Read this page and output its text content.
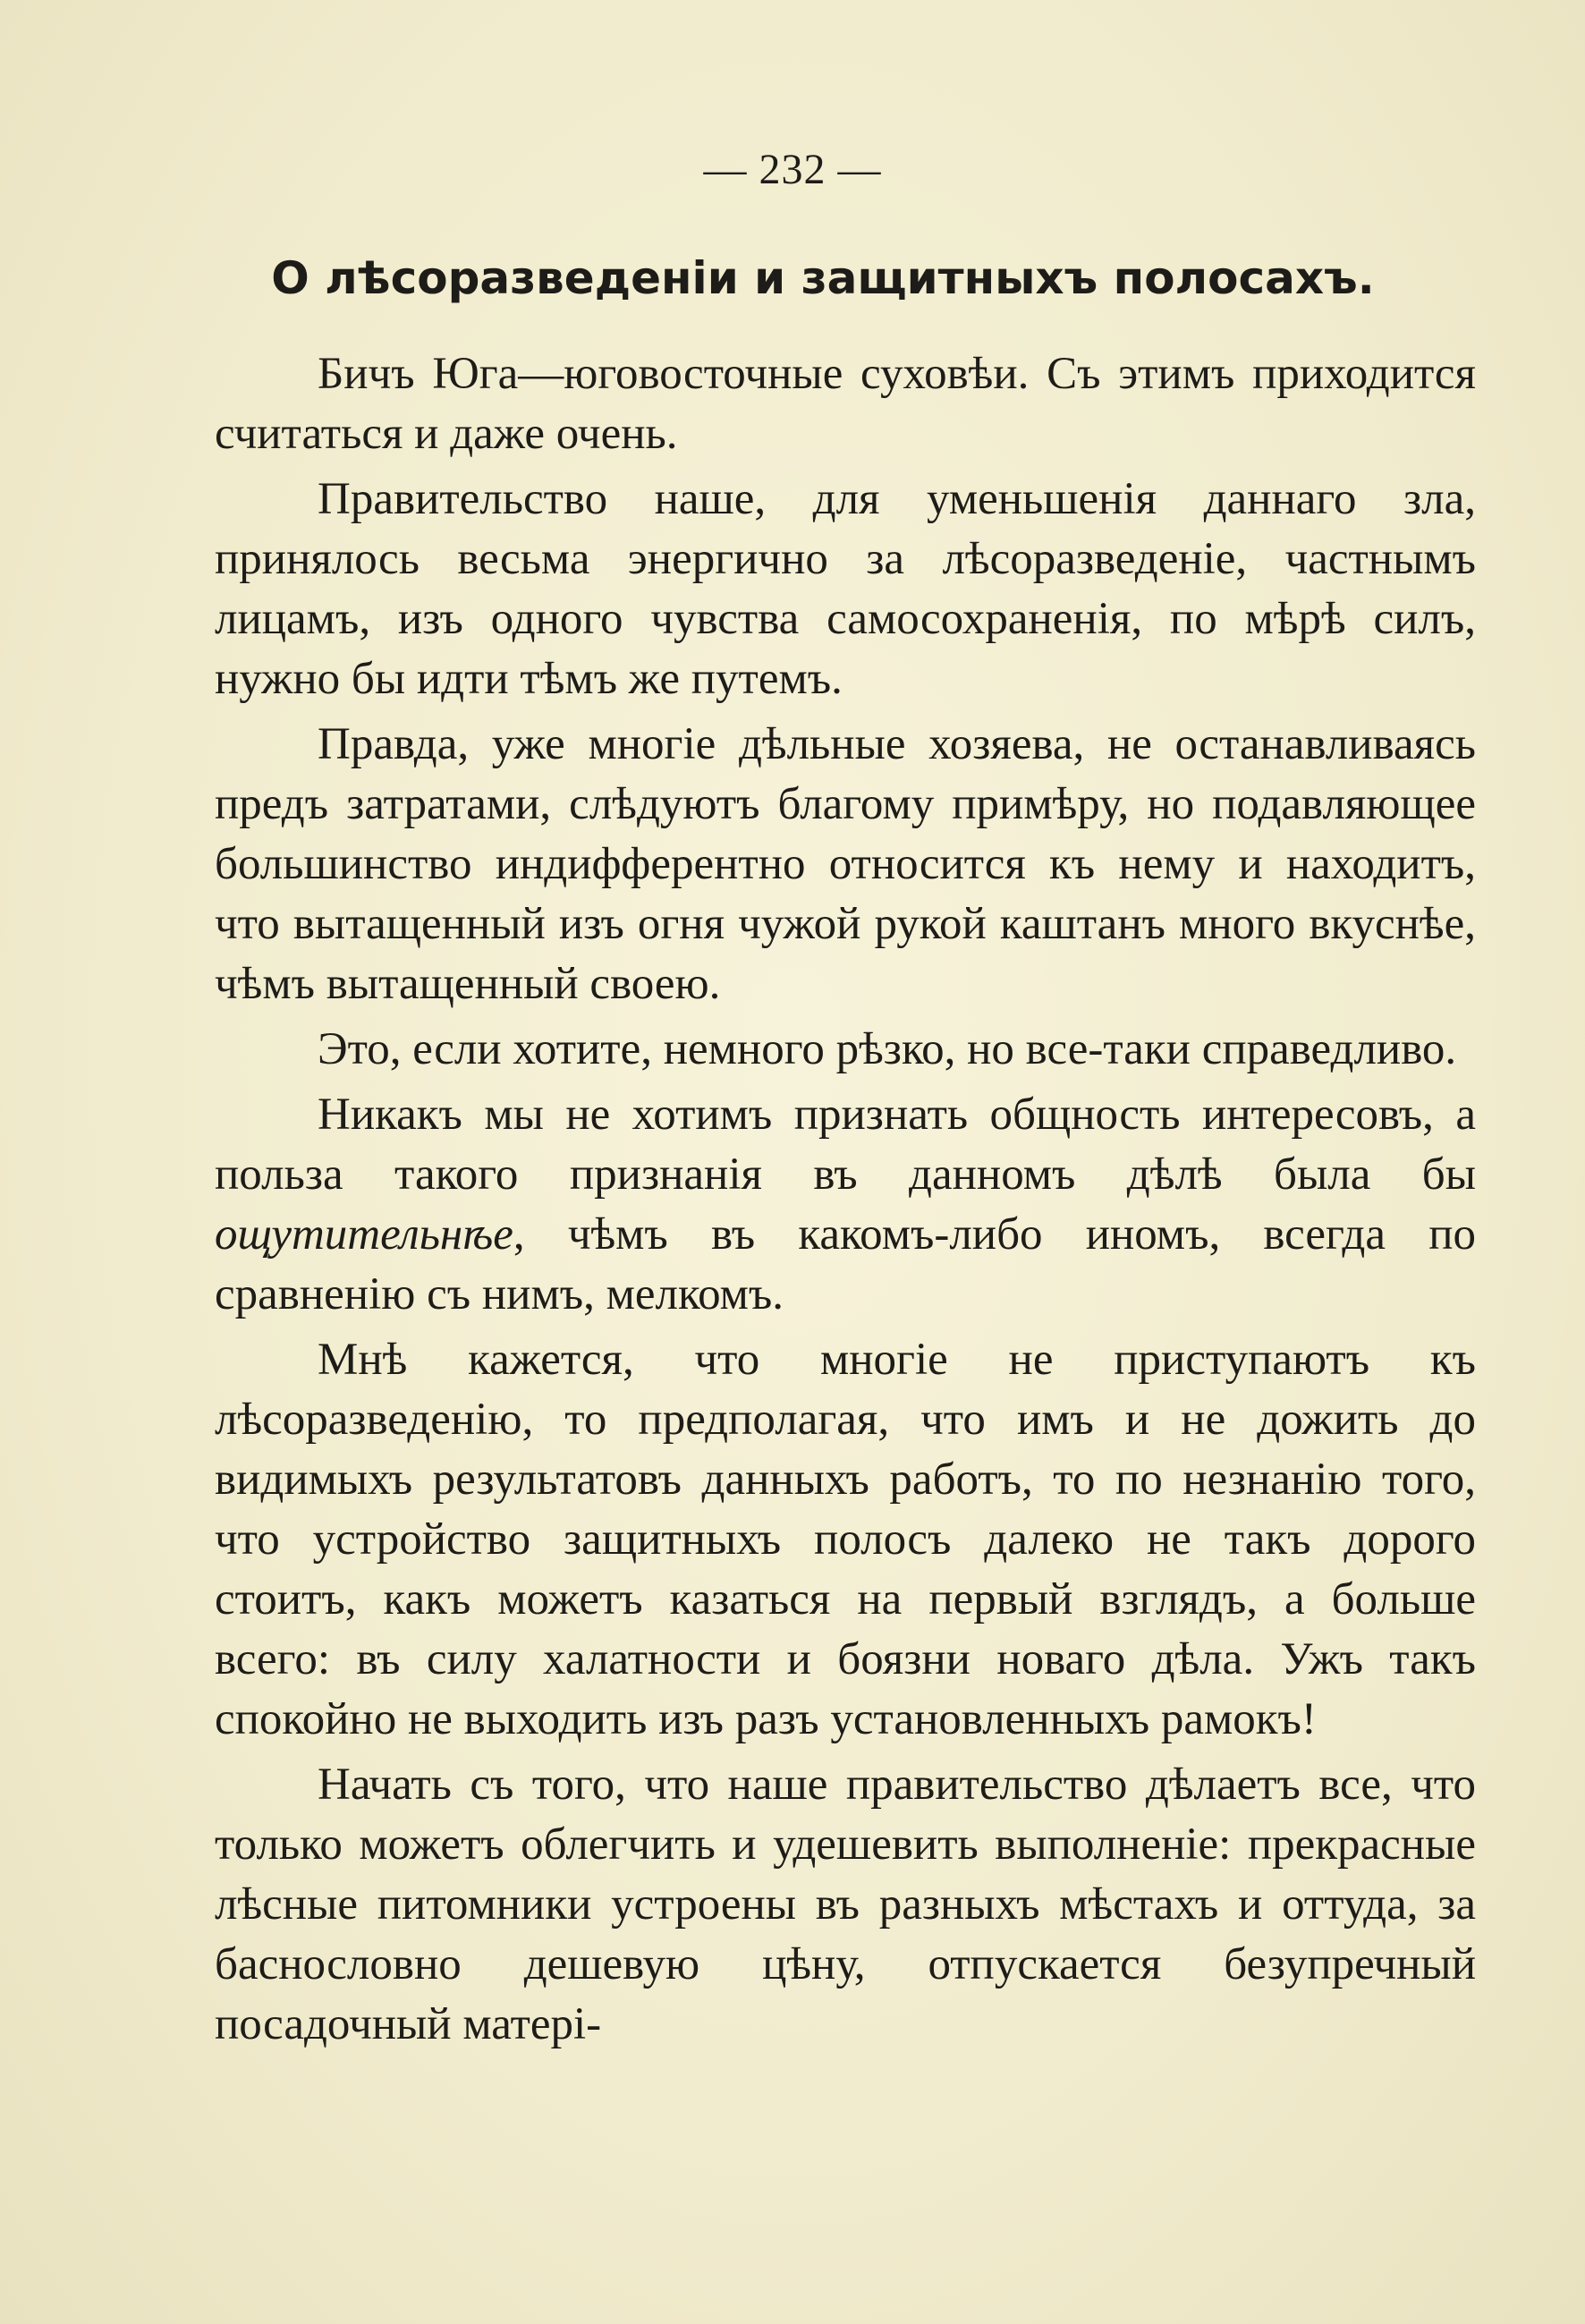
— 232 —
О лѣсоразведеніи и защитныхъ полосахъ.

Бичъ Юга—юговосточные суховѣи. Съ этимъ приходится считаться и даже очень.

Правительство наше, для уменьшенія даннаго зла, принялось весьма энергично за лѣсоразведеніе, частнымъ лицамъ, изъ одного чувства самосохраненія, по мѣрѣ силъ, нужно бы идти тѣмъ же путемъ.

Правда, уже многіе дѣльные хозяева, не останавливаясь предъ затратами, слѣдуютъ благому примѣру, но подавляющее большинство индифферентно относится къ нему и находитъ, что вытащенный изъ огня чужой рукой каштанъ много вкуснѣе, чѣмъ вытащенный своею.

Это, если хотите, немного рѣзко, но все-таки справедливо.

Никакъ мы не хотимъ признать общность интересовъ, а польза такого признанія въ данномъ дѣлѣ была бы ощутительнѣе, чѣмъ въ какомъ-либо иномъ, всегда по сравненію съ нимъ, мелкомъ.

Мнѣ кажется, что многіе не приступаютъ къ лѣсоразведенію, то предполагая, что имъ и не дожить до видимыхъ результатовъ данныхъ работъ, то по незнанію того, что устройство защитныхъ полосъ далеко не такъ дорого стоитъ, какъ можетъ казаться на первый взглядъ, а больше всего: въ силу халатности и боязни новаго дѣла. Ужъ такъ спокойно не выходить изъ разъ установленныхъ рамокъ!

Начать съ того, что наше правительство дѣлаетъ все, что только можетъ облегчить и удешевить выполненіе: прекрасные лѣсные питомники устроены въ разныхъ мѣстахъ и оттуда, за баснословно дешевую цѣну, отпускается безупречный посадочный матері-
